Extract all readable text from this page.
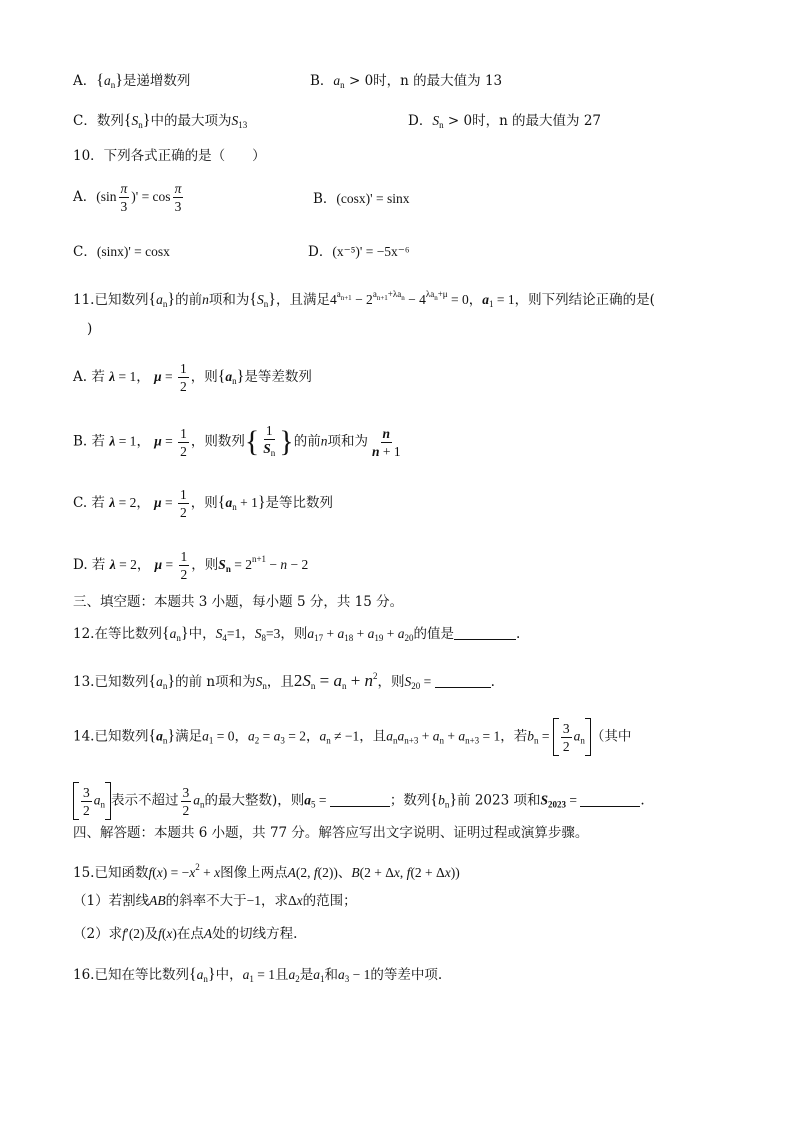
A．$\{a_n\}$是递增数列	B．$a_n > 0$时，n 的最大值为 13
C．数列$\{S_n\}$中的最大项为$S_{13}$	D．$S_n > 0$时，n 的最大值为 27
10．下列各式正确的是（　　）
A．($\sin \frac{\pi}{3}$ )' = $\cos \frac{\pi}{3}$	B．(cosx)' = sinx
C．(sinx)' = cosx	D．(x⁻⁵)' = −5x⁻⁶
11.已知数列$\{a_n\}$的前n项和为$\{S_n\}$，且满足$4^{a_{n+1}} - 2^{a_{n+1}+\lambda a_n} - 4^{\lambda a_n+\mu} = 0$，$a_1 = 1$，则下列结论正确的是(
)
A. 若 λ = 1， $\mu = \frac{1}{2}$ ，则$\{a_n\}$是等差数列
B. 若 λ = 1， $\mu = \frac{1}{2}$ ，则数列{ $\frac{1}{S_n}$ }的前n项和为 $\frac{n}{n + 1}$
C. 若 λ = 2， $\mu = \frac{1}{2}$ ，则$\{a_n + 1\}$是等比数列
D. 若 λ = 2， $\mu = \frac{1}{2}$ ，则$S_n = 2^{n+1} - n - 2$
三、填空题：本题共 3 小题，每小题 5 分，共 15 分。
12.在等比数列$\{a_n\}$中，$S_4=1$，$S_8=3$，则$a_{17} + a_{18} + a_{19} + a_{20}$的值是	.
13.已知数列$\{a_n\}$的前 n项和为$S_n$，且$2S_n = a_n + n^2$，则$S_{20}$ =	.
14.已知数列$\{a_n\}$满足$a_1 = 0$，$a_2 = a_3 = 2$，$a_n \ne -1$，且$a_na_{n+3} + a_n + a_{n+3} = 1$，若$b_n = \frac{3}{2} a_n$ （其中
$\frac{3}{2} a_n$ 表示不超过 $\frac{3}{2} a_n$的最大整数)，则$a_5$ =	；数列$\{b_n\}$前 2023 项和$S_{2023}$ =	.
四、解答题：本题共 6 小题，共 77 分。解答应写出文字说明、证明过程或演算步骤。
15.已知函数$f(x) = -x^2 + x$图像上两点A(2, f(2))、B(2 + Δx, f(2 + Δx))
（1）若割线AB的斜率不大于−1，求Δx的范围；
（2）求f′(2)及f(x)在点A处的切线方程.
16.已知在等比数列$\{a_n\}$中，$a_1 = 1$且$a_2$是$a_1$和$a_3 - 1$的等差中项.
